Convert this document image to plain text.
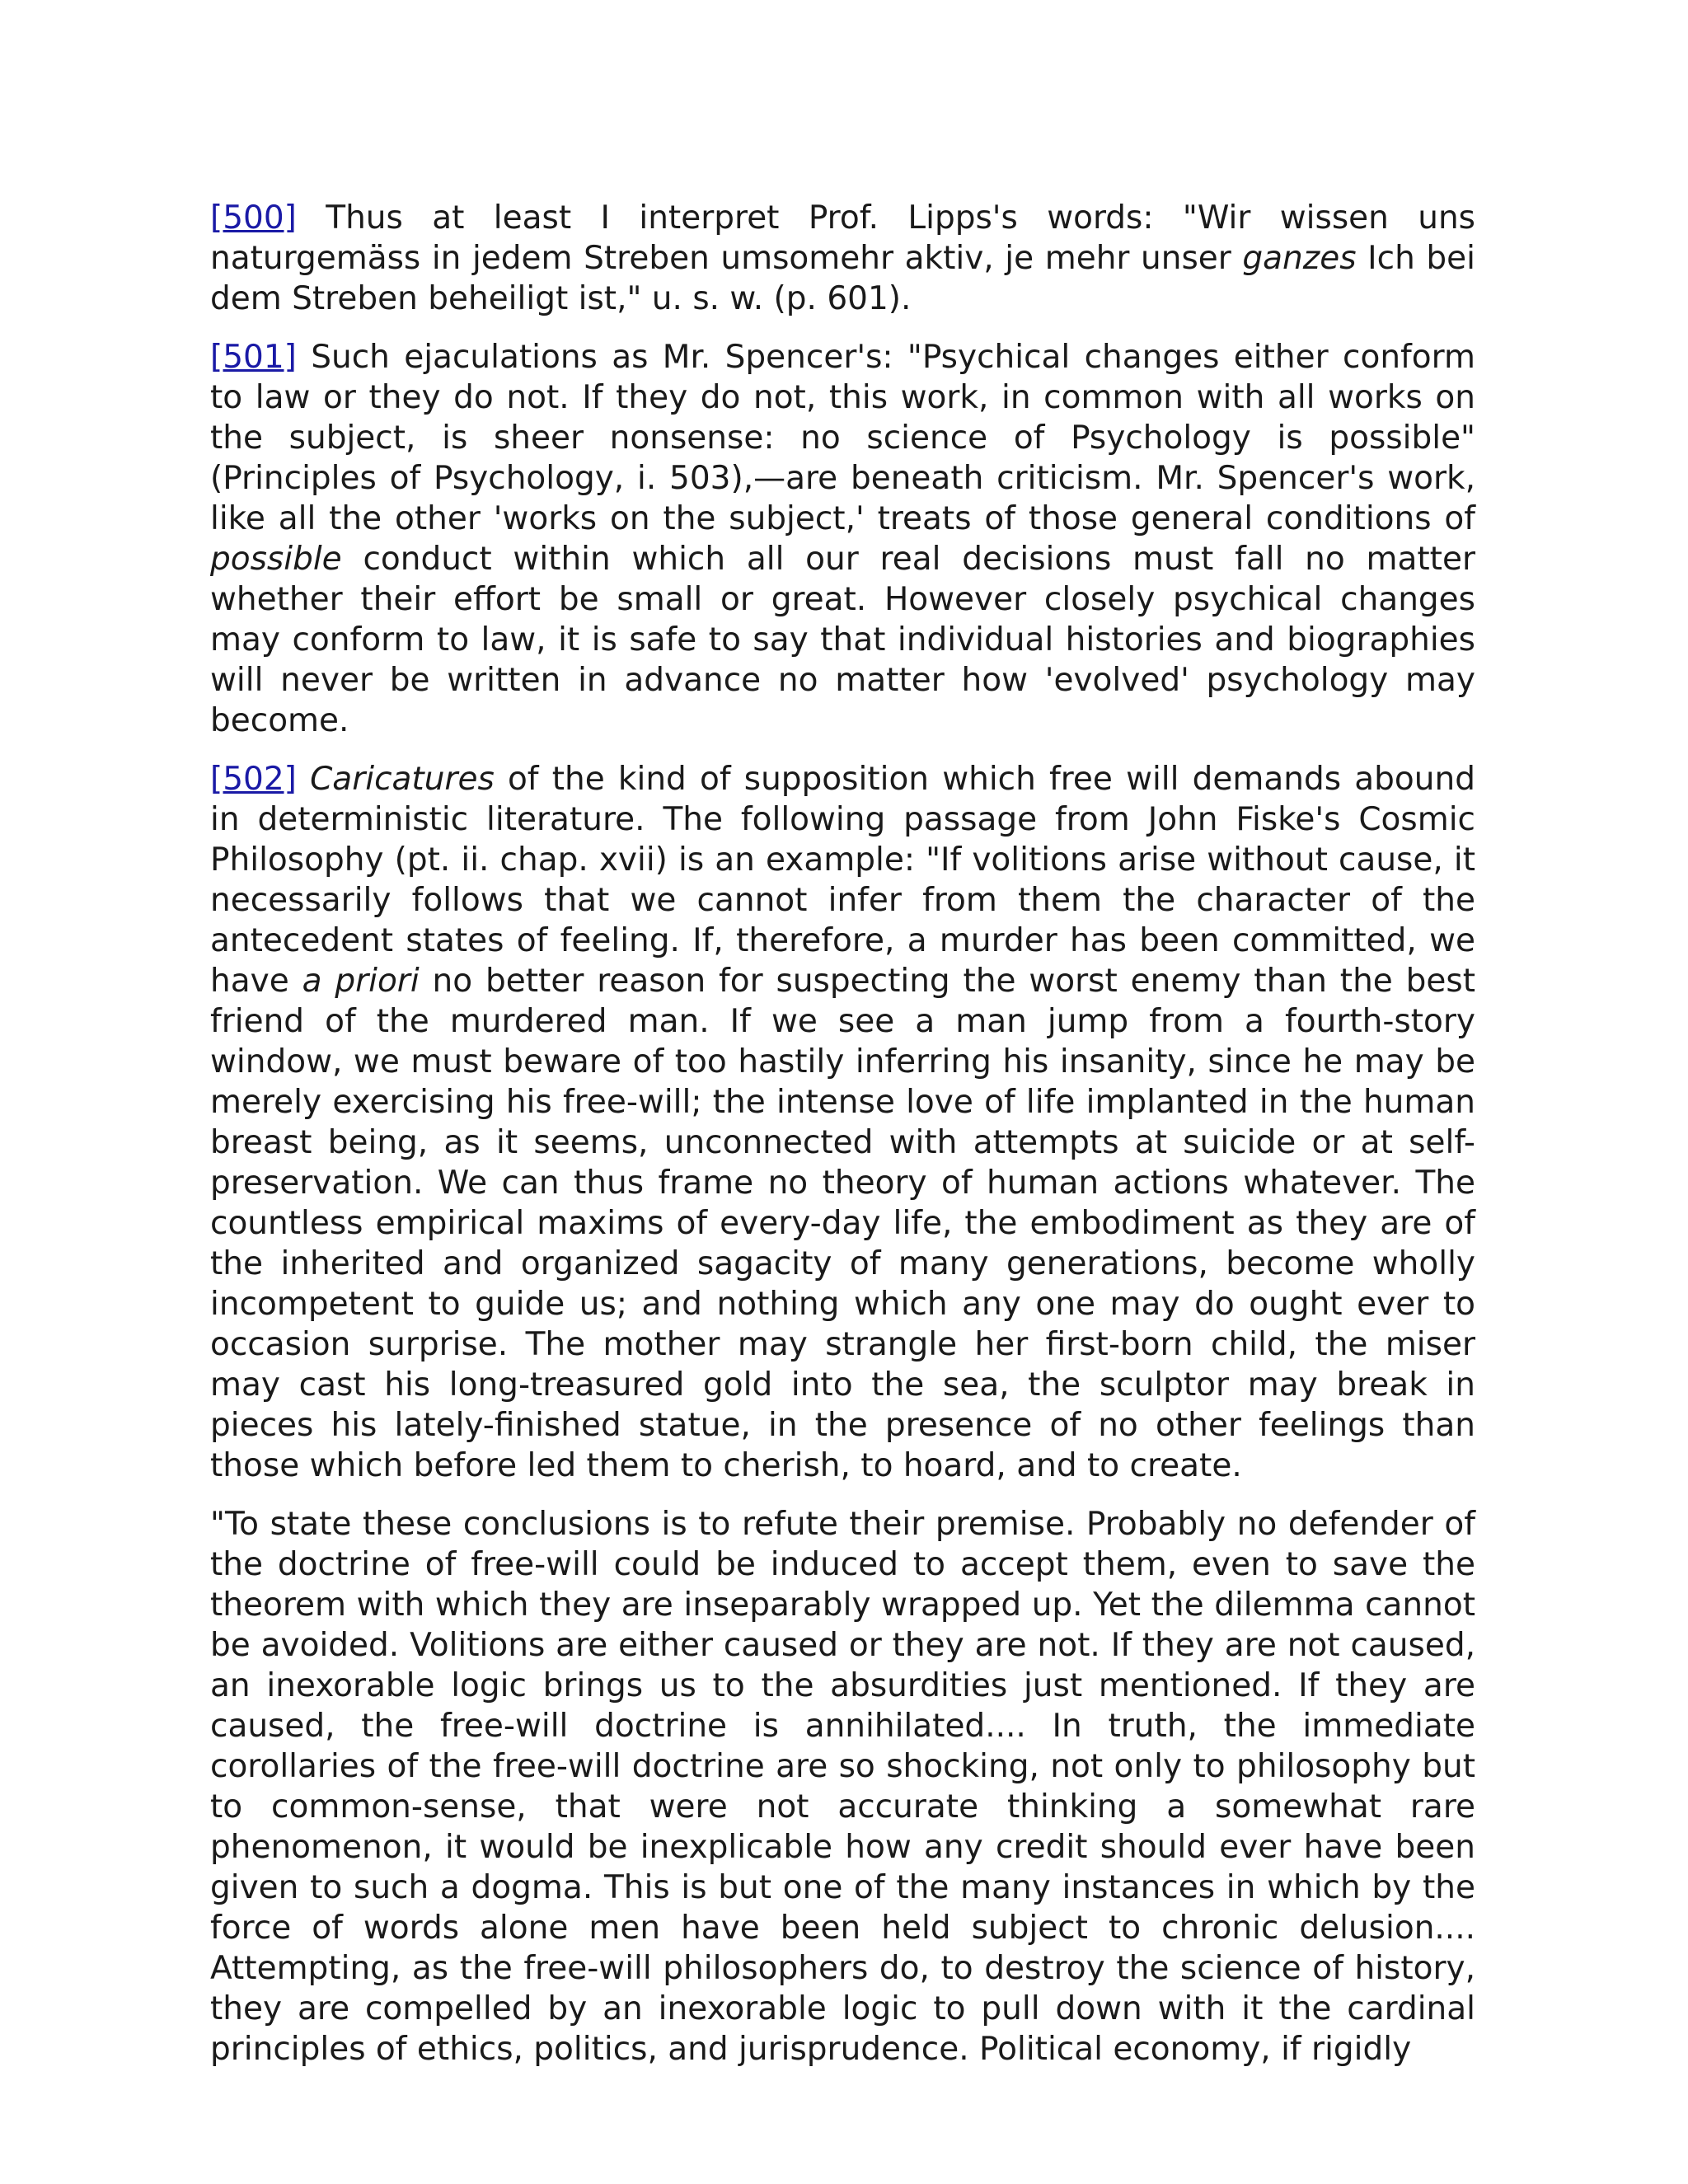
[500] Thus at least I interpret Prof. Lipps's words: "Wir wissen uns naturgemäss in jedem Streben umsomehr aktiv, je mehr unser ganzes Ich bei dem Streben beheiligt ist," u. s. w. (p. 601).

[501] Such ejaculations as Mr. Spencer's: "Psychical changes either conform to law or they do not. If they do not, this work, in common with all works on the subject, is sheer nonsense: no science of Psychology is possible" (Principles of Psychology, i. 503),—are beneath criticism. Mr. Spencer's work, like all the other 'works on the subject,' treats of those general conditions of possible conduct within which all our real decisions must fall no matter whether their effort be small or great. However closely psychical changes may conform to law, it is safe to say that individual histories and biographies will never be written in advance no matter how 'evolved' psychology may become.

[502] Caricatures of the kind of supposition which free will demands abound in deterministic literature. The following passage from John Fiske's Cosmic Philosophy (pt. ii. chap. xvii) is an example: "If volitions arise without cause, it necessarily follows that we cannot infer from them the character of the antecedent states of feeling. If, therefore, a murder has been committed, we have a priori no better reason for suspecting the worst enemy than the best friend of the murdered man. If we see a man jump from a fourth-story window, we must beware of too hastily inferring his insanity, since he may be merely exercising his free-will; the intense love of life implanted in the human breast being, as it seems, unconnected with attempts at suicide or at self-preservation. We can thus frame no theory of human actions whatever. The countless empirical maxims of every-day life, the embodiment as they are of the inherited and organized sagacity of many generations, become wholly incompetent to guide us; and nothing which any one may do ought ever to occasion surprise. The mother may strangle her first-born child, the miser may cast his long-treasured gold into the sea, the sculptor may break in pieces his lately-finished statue, in the presence of no other feelings than those which before led them to cherish, to hoard, and to create.

"To state these conclusions is to refute their premise. Probably no defender of the doctrine of free-will could be induced to accept them, even to save the theorem with which they are inseparably wrapped up. Yet the dilemma cannot be avoided. Volitions are either caused or they are not. If they are not caused, an inexorable logic brings us to the absurdities just mentioned. If they are caused, the free-will doctrine is annihilated.... In truth, the immediate corollaries of the free-will doctrine are so shocking, not only to philosophy but to common-sense, that were not accurate thinking a somewhat rare phenomenon, it would be inexplicable how any credit should ever have been given to such a dogma. This is but one of the many instances in which by the force of words alone men have been held subject to chronic delusion.... Attempting, as the free-will philosophers do, to destroy the science of history, they are compelled by an inexorable logic to pull down with it the cardinal principles of ethics, politics, and jurisprudence. Political economy, if rigidly
